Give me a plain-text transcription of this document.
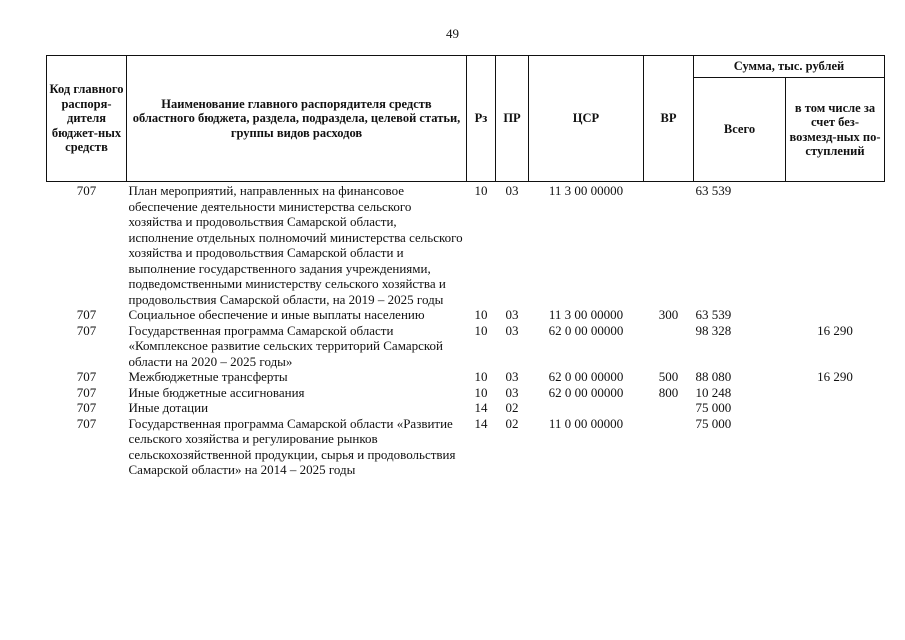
49
Код главного распоря-дителя бюджет-ных средств	Наименование главного распорядителя средств областного бюджета, раздела, подраздела, целевой статьи, группы видов расходов	Рз	ПР	ЦСР	ВР	Сумма, тыс. рублей	
						Всего	в том числе за счет без-возмезд-ных по-ступлений
707	План мероприятий, направленных на финансовое обеспечение деятельности министерства сельского хозяйства и продовольствия Самарской области, исполнение отдельных полномочий министерства сельского хозяйства и продовольствия Самарской области и выполнение государственного задания учреждениями, подведомственными министерству сельского хозяйства и продовольствия Самарской области, на 2019 – 2025 годы	10	03	11 3 00 00000		63 539	
707	Социальное обеспечение и иные выплаты населению	10	03	11 3 00 00000	300	63 539	
707	Государственная программа Самарской области «Комплексное развитие сельских территорий Самарской области на 2020 – 2025 годы»	10	03	62 0 00 00000		98 328	16 290
707	Межбюджетные трансферты	10	03	62 0 00 00000	500	88 080	16 290
707	Иные бюджетные ассигнования	10	03	62 0 00 00000	800	10 248	
707	Иные дотации	14	02			75 000	
707	Государственная программа Самарской области «Развитие сельского хозяйства и регулирование рынков сельскохозяйственной продукции, сырья и продовольствия Самарской области» на 2014 – 2025 годы	14	02	11 0 00 00000		75 000	
